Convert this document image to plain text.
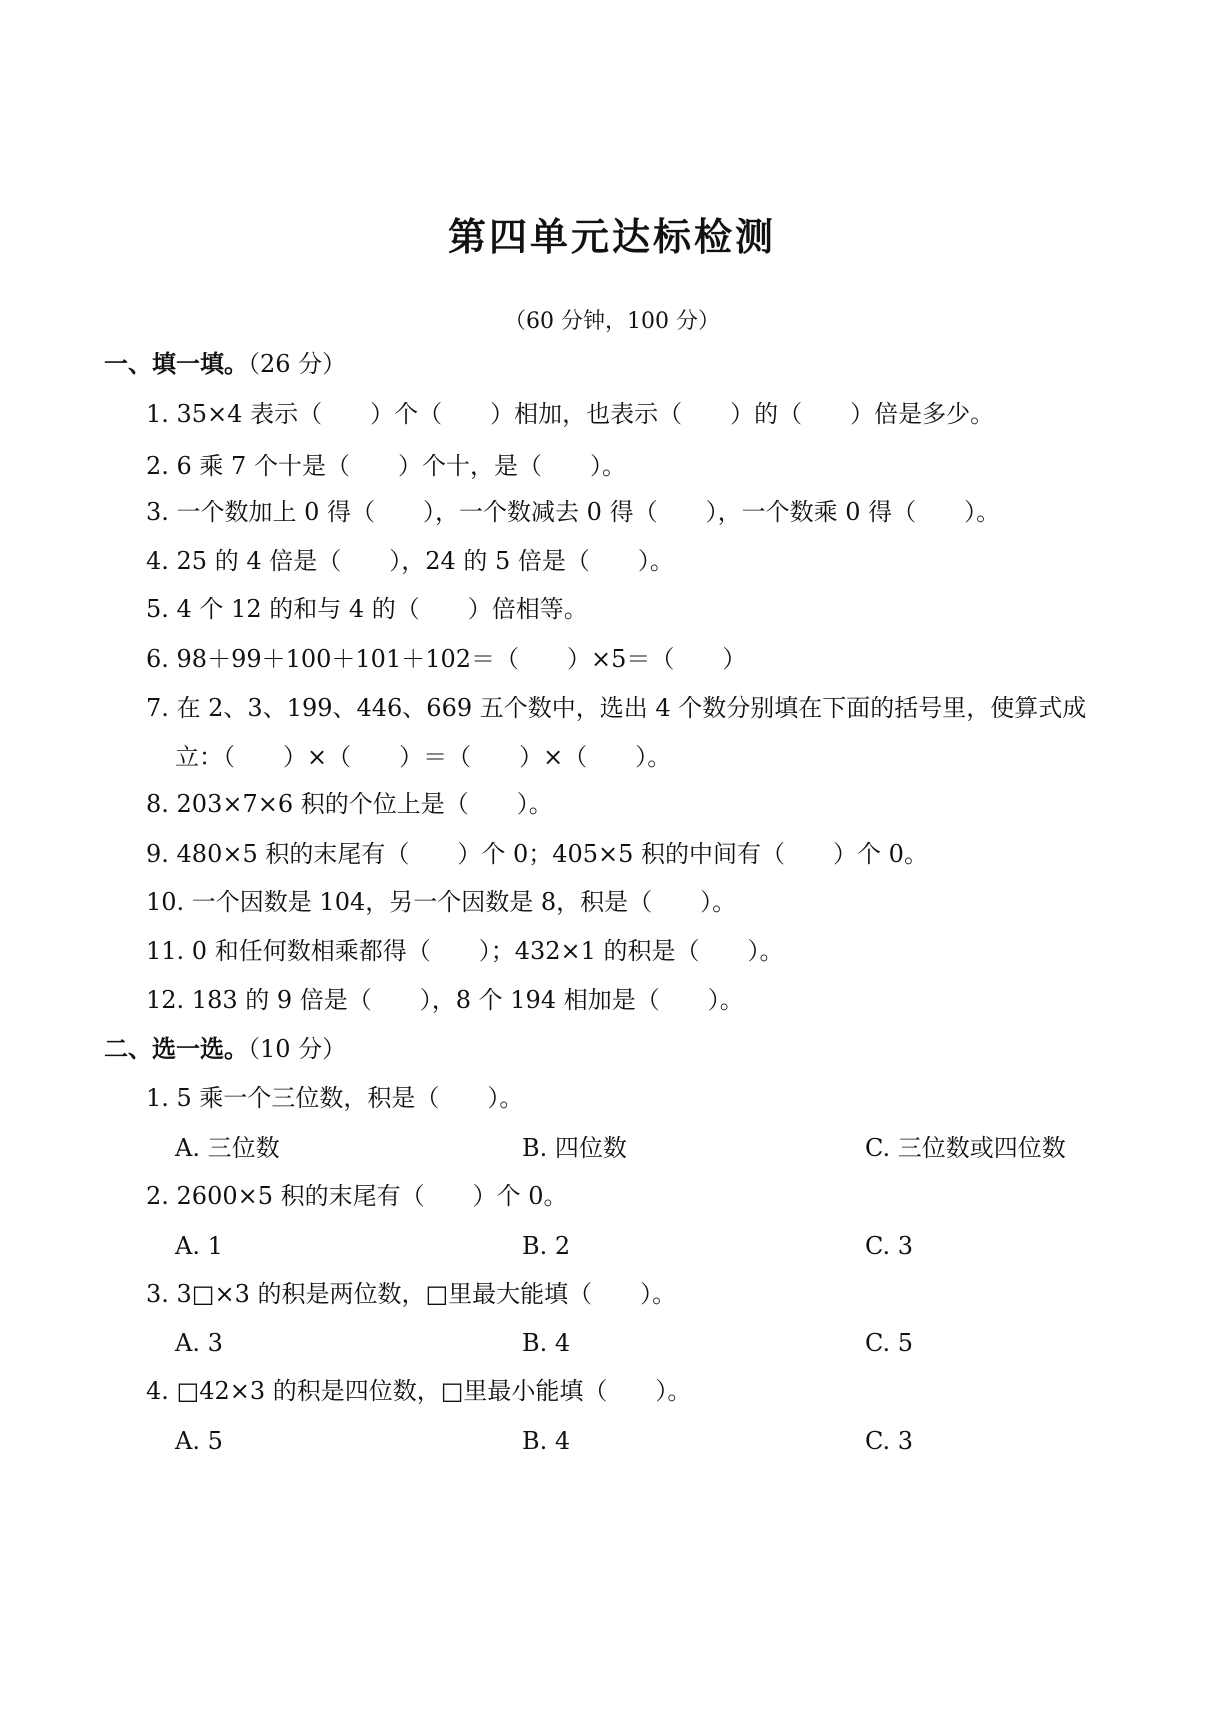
第四单元达标检测
（60 分钟，100 分）
一、填一填。（26 分）
1. 35×4 表示（　　）个（　　）相加，也表示（　　）的（　　）倍是多少。
2. 6 乘 7 个十是（　　）个十，是（　　）。
3. 一个数加上 0 得（　　），一个数减去 0 得（　　），一个数乘 0 得（　　）。
4. 25 的 4 倍是（　　），24 的 5 倍是（　　）。
5. 4 个 12 的和与 4 的（　　）倍相等。
6. 98＋99＋100＋101＋102＝（　　）×5＝（　　）
7. 在 2、3、199、446、669 五个数中，选出 4 个数分别填在下面的括号里，使算式成
立：（　　）×（　　）＝（　　）×（　　）。
8. 203×7×6 积的个位上是（　　）。
9. 480×5 积的末尾有（　　）个 0；405×5 积的中间有（　　）个 0。
10. 一个因数是 104，另一个因数是 8，积是（　　）。
11. 0 和任何数相乘都得（　　）；432×1 的积是（　　）。
12. 183 的 9 倍是（　　），8 个 194 相加是（　　）。
二、选一选。（10 分）
1. 5 乘一个三位数，积是（　　）。
A. 三位数	B. 四位数	C. 三位数或四位数
2. 2600×5 积的末尾有（　　）个 0。
A. 1	B. 2	C. 3
3. 3□×3 的积是两位数，□里最大能填（　　）。
A. 3	B. 4	C. 5
4. □42×3 的积是四位数，□里最小能填（　　）。
A. 5	B. 4	C. 3
